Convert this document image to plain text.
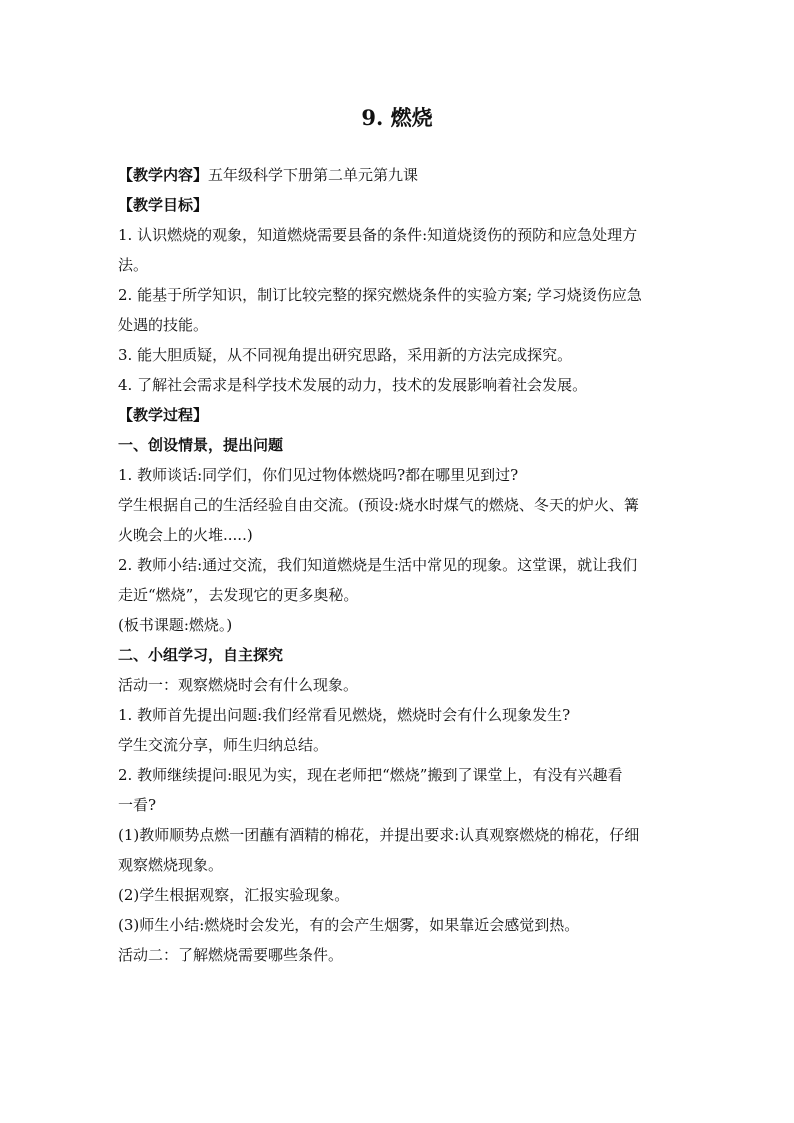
9. 燃烧

【教学内容】五年级科学下册第二单元第九课

【教学目标】

1. 认识燃烧的观象，知道燃烧需要县备的条件:知道烧烫伤的预防和应急处理方

法。

2. 能基于所学知识，制订比较完整的探究燃烧条件的实验方案; 学习烧烫伤应急

处遇的技能。

3. 能大胆质疑，从不同视角提出研究思路，采用新的方法完成探究。

4. 了解社会需求是科学技术发展的动力，技术的发展影响着社会发展。

【教学过程】

一、创设情景，提出问题

1. 教师谈话:同学们，你们见过物体燃烧吗?都在哪里见到过?

学生根据自己的生活经验自由交流。(预设:烧水时煤气的燃烧、冬天的炉火、篝

火晚会上的火堆.....)

2. 教师小结:通过交流，我们知道燃烧是生活中常见的现象。这堂课，就让我们

走近“燃烧”，去发现它的更多奥秘。

(板书课题:燃烧。)

二、小组学习，自主探究

活动一：观察燃烧时会有什么现象。

1. 教师首先提出问题:我们经常看见燃烧，燃烧时会有什么现象发生?

学生交流分享，师生归纳总结。

2. 教师继续提问:眼见为实，现在老师把“燃烧”搬到了课堂上，有没有兴趣看

一看?

(1)教师顺势点燃一团蘸有酒精的棉花，并提出要求:认真观察燃烧的棉花，仔细

观察燃烧现象。

(2)学生根据观察，汇报实验现象。

(3)师生小结:燃烧时会发光，有的会产生烟雾，如果靠近会感觉到热。

活动二：了解燃烧需要哪些条件。
